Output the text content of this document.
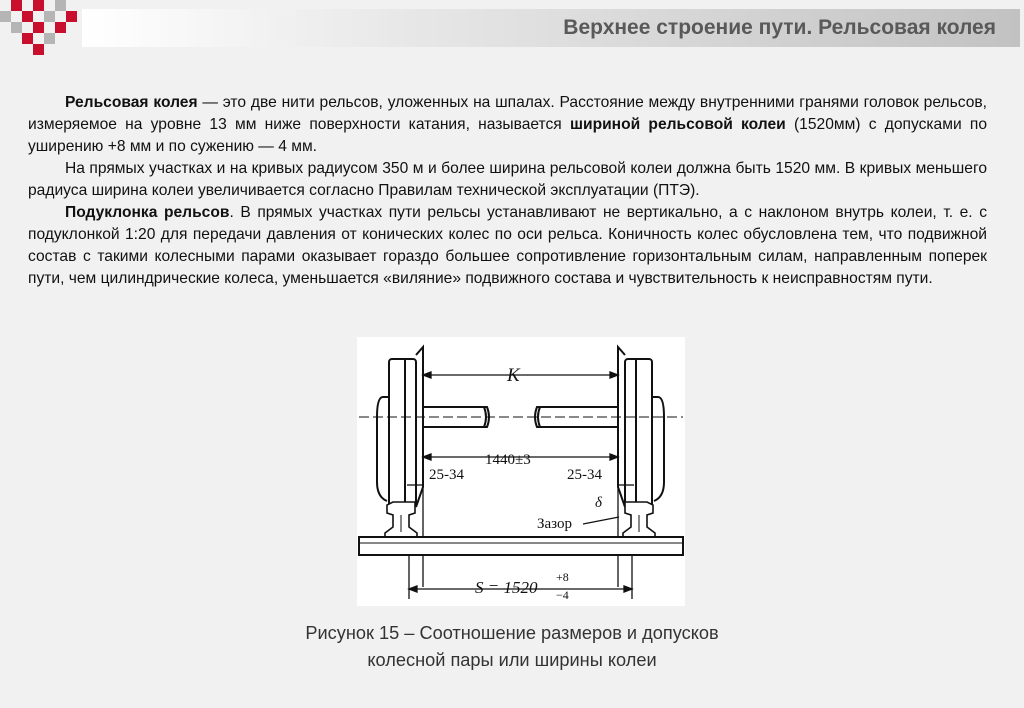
Верхнее строение пути. Рельсовая колея

Рельсовая колея — это две нити рельсов, уложенных на шпалах. Расстояние между внутренними гранями головок рельсов, измеряемое на уровне 13 мм ниже поверхности катания, называется шириной рельсовой колеи (1520мм) с допусками по уширению +8 мм и по сужению — 4 мм.

На прямых участках и на кривых радиусом 350 м и более ширина рельсовой колеи должна быть 1520 мм. В кривых меньшего радиуса ширина колеи увеличивается согласно Правилам технической эксплуатации (ПТЭ).

Подуклонка рельсов. В прямых участках пути рельсы устанавливают не вертикально, а с наклоном внутрь колеи, т. е. с подуклонкой 1:20 для передачи давления от конических колес по оси рельса. Коничность колес обусловлена тем, что подвижной состав с такими колесными парами оказывает гораздо большее сопротивление горизонтальным силам, направленным поперек пути, чем цилиндрические колеса, уменьшается «виляние» подвижного состава и чувствительность к неисправностям пути.

K
1440±3
25-34	25-34
δ
Зазор
S = 1520
+8
−4
Рисунок 15 – Соотношение размеров и допусков
колесной пары или ширины колеи
